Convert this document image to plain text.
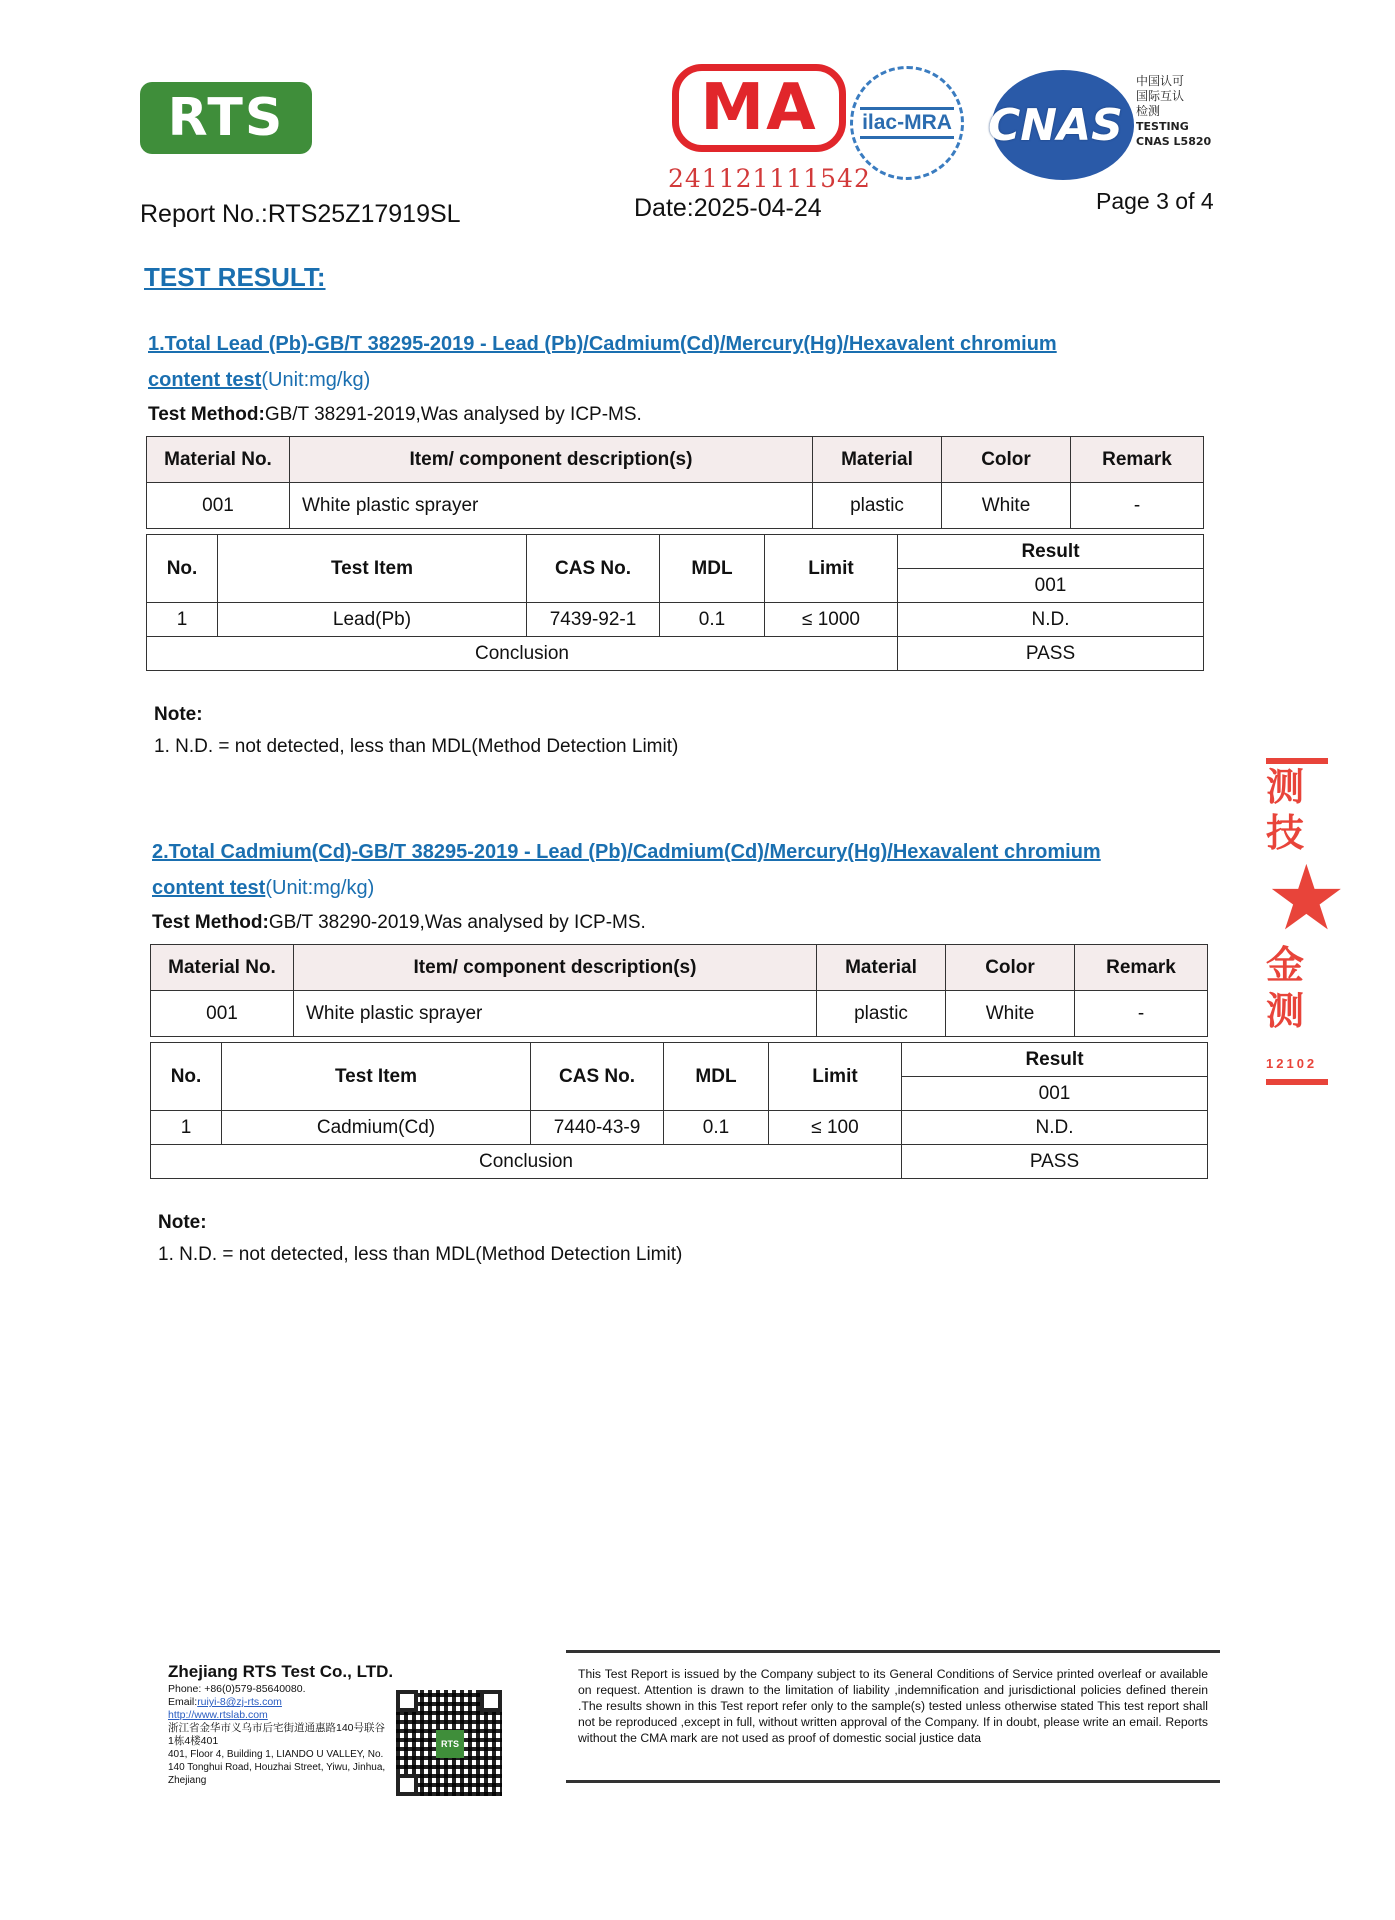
RTS	MA
241121111542
ilac-MRA CNAS
中国认可
国际互认
检测
TESTING
CNAS L5820
Report No.:RTS25Z17919SL	Date:2025-04-24	Page 3 of 4
TEST RESULT:
1.Total Lead (Pb)-GB/T 38295-2019 - Lead (Pb)/Cadmium(Cd)/Mercury(Hg)/Hexavalent chromium
content test(Unit:mg/kg)
Test Method:GB/T 38291-2019,Was analysed by ICP-MS.
Material No.	Item/ component description(s)	Material	Color	Remark
001	White plastic sprayer	plastic	White	-
No.	Test Item	CAS No.	MDL	Limit	Result
					001
1	Lead(Pb)	7439-92-1	0.1	≤ 1000	N.D.
Conclusion					PASS
Note:
1. N.D. = not detected, less than MDL(Method Detection Limit)
2.Total Cadmium(Cd)-GB/T 38295-2019 - Lead (Pb)/Cadmium(Cd)/Mercury(Hg)/Hexavalent chromium
content test(Unit:mg/kg)
Test Method:GB/T 38290-2019,Was analysed by ICP-MS.
Material No.	Item/ component description(s)	Material	Color	Remark
001	White plastic sprayer	plastic	White	-
No.	Test Item	CAS No.	MDL	Limit	Result
					001
1	Cadmium(Cd)	7440-43-9	0.1	≤ 100	N.D.
Conclusion					PASS
Note:
1. N.D. = not detected, less than MDL(Method Detection Limit)
测技
★
金测
12102
Zhejiang RTS Test Co., LTD.
Phone: +86(0)579-85640080.
Email:ruiyi-8@zj-rts.com
http://www.rtslab.com
浙江省金华市义乌市后宅街道通惠路140号联谷1栋4楼401
401, Floor 4, Building 1, LIANDO U VALLEY, No. 140 Tonghui Road, Houzhai Street, Yiwu, Jinhua, Zhejiang
RTS
This Test Report is issued by the Company subject to its General Conditions of Service printed overleaf or available on request. Attention is drawn to the limitation of liability ,indemnification and jurisdictional policies defined therein .The results shown in this Test report refer only to the sample(s) tested unless otherwise stated This test report shall not be reproduced ,except in full, without written approval of the Company. If in doubt, please write an email. Reports without the CMA mark are not used as proof of domestic social justice data
